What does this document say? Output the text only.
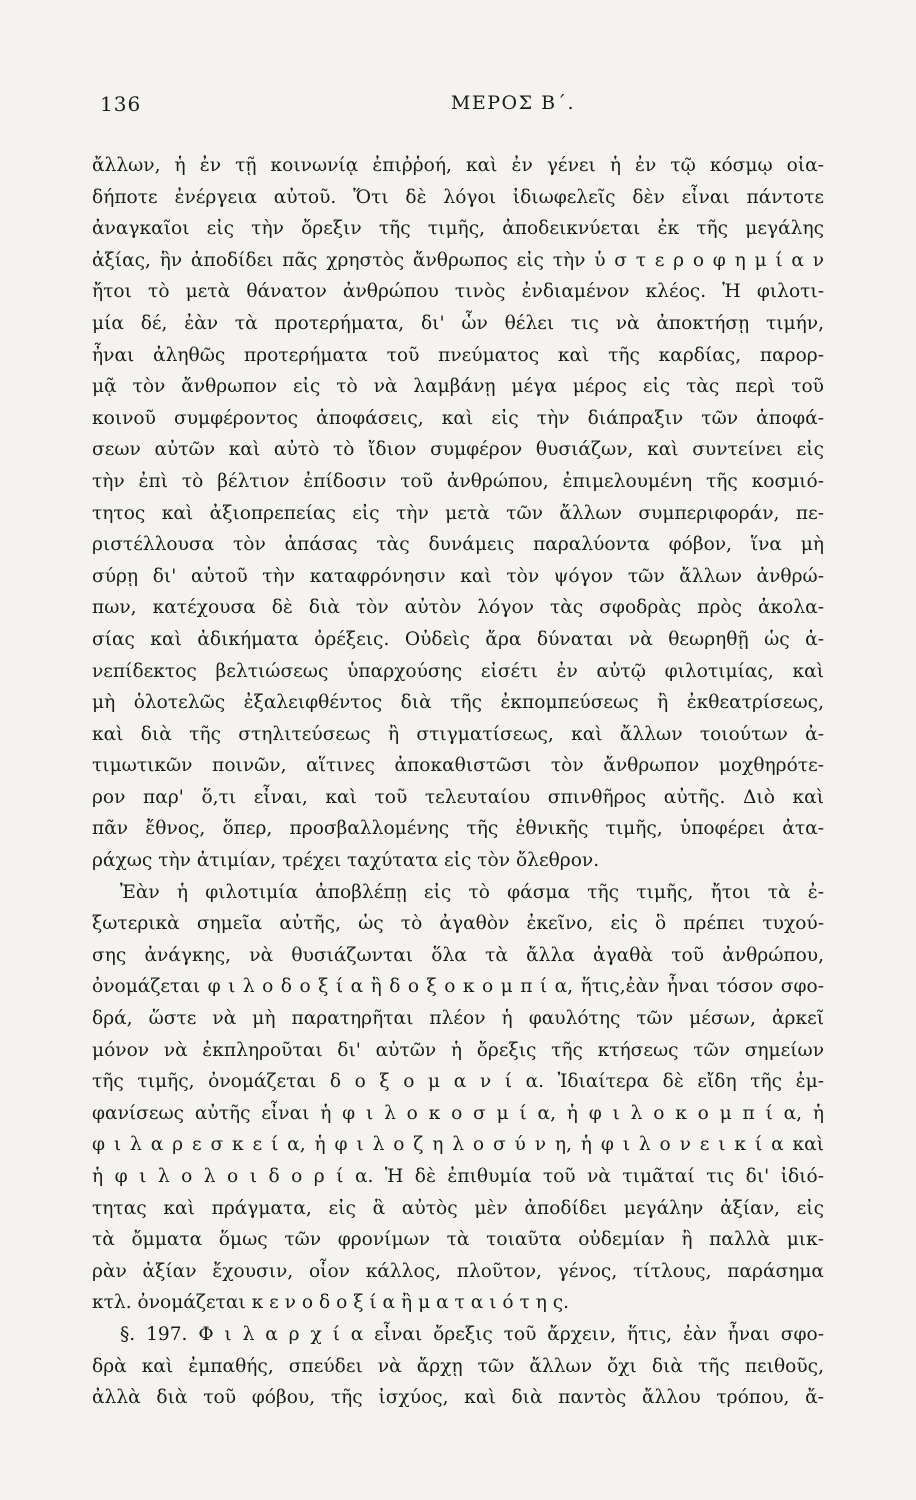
136	ΜΕΡΟΣ Β΄.
ἄλλων, ἡ ἐν τῇ κοινωνίᾳ ἐπιῤῥοή, καὶ ἐν γένει ἡ ἐν τῷ κόσμῳ οἱα-
δήποτε ἐνέργεια αὐτοῦ. Ὅτι δὲ λόγοι ἰδιωφελεῖς δὲν εἶναι πάντοτε
ἀναγκαῖοι εἰς τὴν ὄρεξιν τῆς τιμῆς, ἀποδεικνύεται ἐκ τῆς μεγάλης
ἀξίας, ἣν ἀποδίδει πᾶς χρηστὸς ἄνθρωπος εἰς τὴν ὑ σ τ ε ρ ο φ η μ ί α ν
ἤτοι τὸ μετὰ θάνατον ἀνθρώπου τινὸς ἐνδιαμένον κλέος. Ἡ φιλοτι-
μία δέ, ἐὰν τὰ προτερήματα, δι' ὧν θέλει τις νὰ ἀποκτήσῃ τιμήν,
ἦναι ἀληθῶς προτερήματα τοῦ πνεύματος καὶ τῆς καρδίας, παρορ-
μᾷ τὸν ἄνθρωπον εἰς τὸ νὰ λαμβάνῃ μέγα μέρος εἰς τὰς περὶ τοῦ
κοινοῦ συμφέροντος ἀποφάσεις, καὶ εἰς τὴν διάπραξιν τῶν ἀποφά-
σεων αὐτῶν καὶ αὐτὸ τὸ ἴδιον συμφέρον θυσιάζων, καὶ συντείνει εἰς
τὴν ἐπὶ τὸ βέλτιον ἐπίδοσιν τοῦ ἀνθρώπου, ἐπιμελουμένη τῆς κοσμιό-
τητος καὶ ἀξιοπρεπείας εἰς τὴν μετὰ τῶν ἄλλων συμπεριφοράν, πε-
ριστέλλουσα τὸν ἀπάσας τὰς δυνάμεις παραλύοντα φόβον, ἵνα μὴ
σύρῃ δι' αὐτοῦ τὴν καταφρόνησιν καὶ τὸν ψόγον τῶν ἄλλων ἀνθρώ-
πων, κατέχουσα δὲ διὰ τὸν αὐτὸν λόγον τὰς σφοδρὰς πρὸς ἀκολα-
σίας καὶ ἀδικήματα ὀρέξεις. Οὐδεὶς ἄρα δύναται νὰ θεωρηθῇ ὡς ἀ-
νεπίδεκτος βελτιώσεως ὑπαρχούσης εἰσέτι ἐν αὐτῷ φιλοτιμίας, καὶ
μὴ ὁλοτελῶς ἐξαλειφθέντος διὰ τῆς ἐκπομπεύσεως ἢ ἐκθεατρίσεως,
καὶ διὰ τῆς στηλιτεύσεως ἢ στιγματίσεως, καὶ ἄλλων τοιούτων ἀ-
τιμωτικῶν ποινῶν, αἵτινες ἀποκαθιστῶσι τὸν ἄνθρωπον μοχθηρότε-
ρον παρ' ὅ,τι εἶναι, καὶ τοῦ τελευταίου σπινθῆρος αὐτῆς. Διὸ καὶ
πᾶν ἔθνος, ὅπερ, προσβαλλομένης τῆς ἐθνικῆς τιμῆς, ὑποφέρει ἀτα-
ράχως τὴν ἀτιμίαν, τρέχει ταχύτατα εἰς τὸν ὄλεθρον.
Ἐὰν ἡ φιλοτιμία ἀποβλέπῃ εἰς τὸ φάσμα τῆς τιμῆς, ἤτοι τὰ ἐ-
ξωτερικὰ σημεῖα αὐτῆς, ὡς τὸ ἀγαθὸν ἐκεῖνο, εἰς ὃ πρέπει τυχού-
σης ἀνάγκης, νὰ θυσιάζωνται ὅλα τὰ ἄλλα ἀγαθὰ τοῦ ἀνθρώπου,
ὀνομάζεται φ ι λ ο δ ο ξ ί α ἢ δ ο ξ ο κ ο μ π ί α, ἥτις,ἐὰν ἦναι τόσον σφο-
δρά, ὥστε νὰ μὴ παρατηρῆται πλέον ἡ φαυλότης τῶν μέσων, ἀρκεῖ
μόνον νὰ ἐκπληροῦται δι' αὐτῶν ἡ ὄρεξις τῆς κτήσεως τῶν σημείων
τῆς τιμῆς, ὀνομάζεται δ ο ξ ο μ α ν ί α. Ἰδιαίτερα δὲ εἴδη τῆς ἐμ-
φανίσεως αὐτῆς εἶναι ἡ φ ι λ ο κ ο σ μ ί α, ἡ φ ι λ ο κ ο μ π ί α, ἡ
φ ι λ α ρ ε σ κ ε ί α, ἡ φ ι λ ο ζ η λ ο σ ύ ν η, ἡ φ ι λ ο ν ε ι κ ί α καὶ
ἡ φ ι λ ο λ ο ι δ ο ρ ί α. Ἡ δὲ ἐπιθυμία τοῦ νὰ τιμᾶταί τις δι' ἰδιό-
τητας καὶ πράγματα, εἰς ἃ αὐτὸς μὲν ἀποδίδει μεγάλην ἀξίαν, εἰς
τὰ ὄμματα ὅμως τῶν φρονίμων τὰ τοιαῦτα οὐδεμίαν ἢ παλλὰ μικ-
ρὰν ἀξίαν ἔχουσιν, οἷον κάλλος, πλοῦτον, γένος, τίτλους, παράσημα
κτλ. ὀνομάζεται κ ε ν ο δ ο ξ ί α ἢ μ α τ α ι ό τ η ς.
§. 197. Φ ι λ α ρ χ ί α εἶναι ὄρεξις τοῦ ἄρχειν, ἥτις, ἐὰν ἦναι σφο-
δρὰ καὶ ἐμπαθής, σπεύδει νὰ ἄρχῃ τῶν ἄλλων ὄχι διὰ τῆς πειθοῦς,
ἀλλὰ διὰ τοῦ φόβου, τῆς ἰσχύος, καὶ διὰ παντὸς ἄλλου τρόπου, ἄ-
